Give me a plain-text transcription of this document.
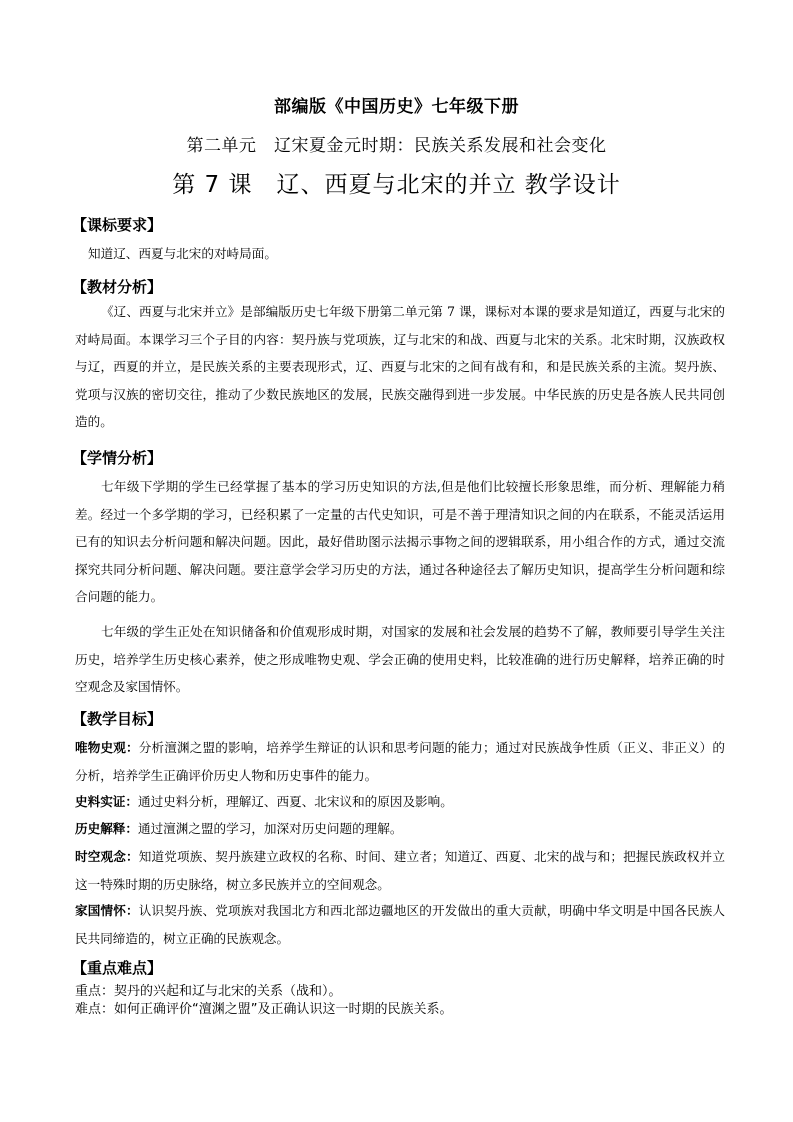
部编版《中国历史》七年级下册
第二单元　辽宋夏金元时期：民族关系发展和社会变化
第 7 课　辽、西夏与北宋的并立 教学设计
【课标要求】

知道辽、西夏与北宋的对峙局面。

【教材分析】

《辽、西夏与北宋并立》是部编版历史七年级下册第二单元第 7 课，课标对本课的要求是知道辽，西夏与北宋的对峙局面。本课学习三个子目的内容：契丹族与党项族，辽与北宋的和战、西夏与北宋的关系。北宋时期，汉族政权与辽，西夏的并立，是民族关系的主要表现形式，辽、西夏与北宋的之间有战有和，和是民族关系的主流。契丹族、党项与汉族的密切交往，推动了少数民族地区的发展，民族交融得到进一步发展。中华民族的历史是各族人民共同创造的。

【学情分析】

七年级下学期的学生已经掌握了基本的学习历史知识的方法,但是他们比较擅长形象思维，而分析、理解能力稍差。经过一个多学期的学习，已经积累了一定量的古代史知识，可是不善于理清知识之间的内在联系，不能灵活运用已有的知识去分析问题和解决问题。因此，最好借助图示法揭示事物之间的逻辑联系，用小组合作的方式，通过交流探究共同分析问题、解决问题。要注意学会学习历史的方法，通过各种途径去了解历史知识，提高学生分析问题和综合问题的能力。

七年级的学生正处在知识储备和价值观形成时期，对国家的发展和社会发展的趋势不了解，教师要引导学生关注历史，培养学生历史核心素养，使之形成唯物史观、学会正确的使用史料，比较准确的进行历史解释，培养正确的时空观念及家国情怀。

【教学目标】

唯物史观：分析澶渊之盟的影响，培养学生辩证的认识和思考问题的能力；通过对民族战争性质（正义、非正义）的分析，培养学生正确评价历史人物和历史事件的能力。

史料实证：通过史料分析，理解辽、西夏、北宋议和的原因及影响。

历史解释：通过澶渊之盟的学习，加深对历史问题的理解。

时空观念：知道党项族、契丹族建立政权的名称、时间、建立者；知道辽、西夏、北宋的战与和；把握民族政权并立这一特殊时期的历史脉络，树立多民族并立的空间观念。

家国情怀：认识契丹族、党项族对我国北方和西北部边疆地区的开发做出的重大贡献，明确中华文明是中国各民族人民共同缔造的，树立正确的民族观念。

【重点难点】

重点：契丹的兴起和辽与北宋的关系（战和）。

难点：如何正确评价“澶渊之盟”及正确认识这一时期的民族关系。
